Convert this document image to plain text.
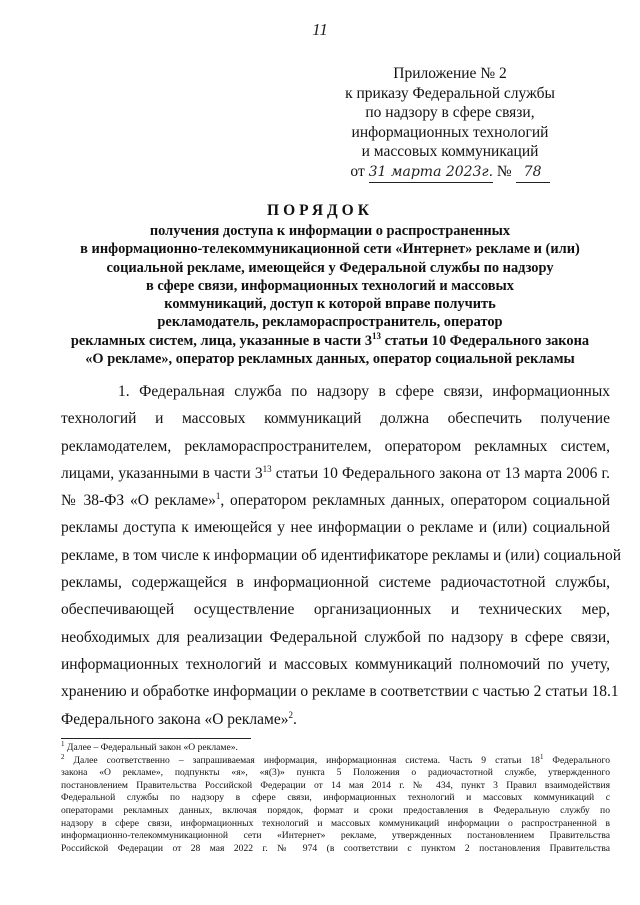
11
Приложение № 2
к приказу Федеральной службы
по надзору в сфере связи,
информационных технологий
и массовых коммуникаций
от 31 марта 2023г. № 78
ПОРЯДОК
получения доступа к информации о распространенных
в информационно-телекоммуникационной сети «Интернет» рекламе и (или)
социальной рекламе, имеющейся у Федеральной службы по надзору
в сфере связи, информационных технологий и массовых
коммуникаций, доступ к которой вправе получить
рекламодатель, рекламораспространитель, оператор
рекламных систем, лица, указанные в части $3^{13}$ статьи 10 Федерального закона
«О рекламе», оператор рекламных данных, оператор социальной рекламы
1. Федеральная служба по надзору в сфере связи, информационных
технологий и массовых коммуникаций должна обеспечить получение
рекламодателем, рекламораспространителем, оператором рекламных систем,
лицами, указанными в части $3^{13}$ статьи 10 Федерального закона от 13 марта 2006 г.
№ 38-ФЗ «О рекламе»$^1$, оператором рекламных данных, оператором социальной
рекламы доступа к имеющейся у нее информации о рекламе и (или) социальной
рекламе, в том числе к информации об идентификаторе рекламы и (или) социальной
рекламы, содержащейся в информационной системе радиочастотной службы,
обеспечивающей осуществление организационных и технических мер,
необходимых для реализации Федеральной службой по надзору в сфере связи,
информационных технологий и массовых коммуникаций полномочий по учету,
хранению и обработке информации о рекламе в соответствии с частью 2 статьи 18.1
Федерального закона «О рекламе»$^2$.
$^1$ Далее – Федеральный закон «О рекламе».
$^2$ Далее соответственно – запрашиваемая информация, информационная система. Часть 9 статьи $18^1$ Федерального
закона «О рекламе», подпункты «я», «я(3)» пункта 5 Положения о радиочастотной службе, утвержденного
постановлением Правительства Российской Федерации от 14 мая 2014 г. № 434, пункт 3 Правил взаимодействия
Федеральной службы по надзору в сфере связи, информационных технологий и массовых коммуникаций с
операторами рекламных данных, включая порядок, формат и сроки предоставления в Федеральную службу по
надзору в сфере связи, информационных технологий и массовых коммуникаций информации о распространенной в
информационно-телекоммуникационной сети «Интернет» рекламе, утвержденных постановлением Правительства
Российской Федерации от 28 мая 2022 г. № 974 (в соответствии с пунктом 2 постановления Правительства
